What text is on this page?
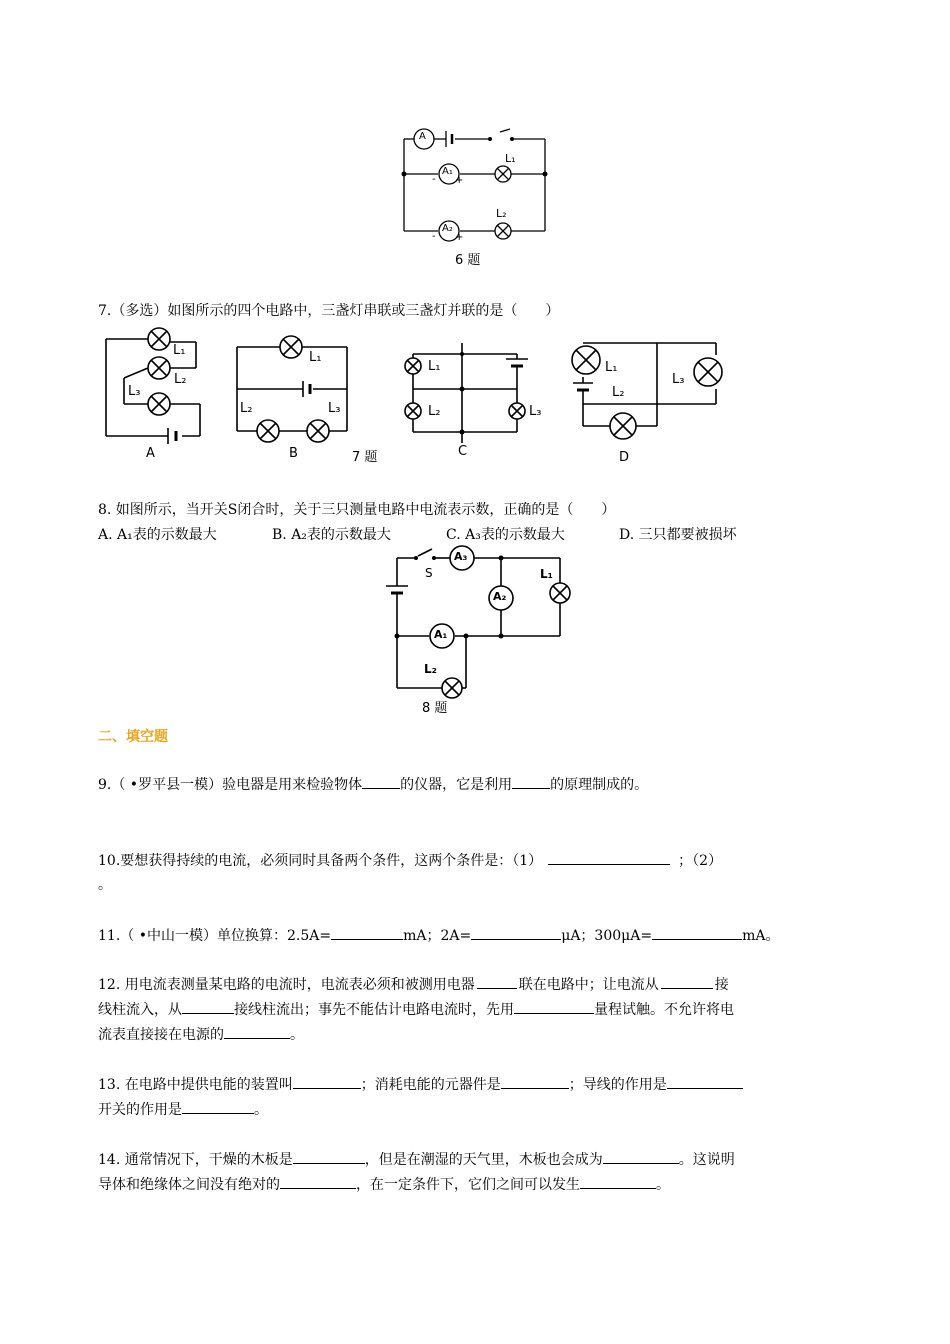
A
A₁
A₂
L₁
L₂
- +
- +
6 题
7.（多选）如图所示的四个电路中，三盏灯串联或三盏灯并联的是（　　）
L₁
L₂
L₃
L₁
L₂	L₃
L₁
L₂	L₃
L₁
L₂
L₃
A	B	7 题	C	D
8. 如图所示，当开关S闭合时，关于三只测量电路中电流表示数，正确的是（　　）
A. A₁表的示数最大	B. A₂表的示数最大	C. A₃表的示数最大	D. 三只都要被损坏
S
A₃
A₂
A₁
L₁
L₂
8 题
二、填空题
9.（ •罗平县一模）验电器是用来检验物体	的仪器，它是利用	的原理制成的。
10.要想获得持续的电流，必须同时具备两个条件，这两个条件是：（1）	；（2）
。
11.（ •中山一模）单位换算：2.5A=	mA；2A=	μA；300μA=	mA。
12. 用电流表测量某电路的电流时，电流表必须和被测用电器	联在电路中；让电流从	接
线柱流入，从	接线柱流出；事先不能估计电路电流时，先用	量程试触。不允许将电
流表直接接在电源的	。
13. 在电路中提供电能的装置叫	；消耗电能的元器件是	；导线的作用是
开关的作用是	。
14. 通常情况下，干燥的木板是	，但是在潮湿的天气里，木板也会成为	。这说明
导体和绝缘体之间没有绝对的	，在一定条件下，它们之间可以发生	。
